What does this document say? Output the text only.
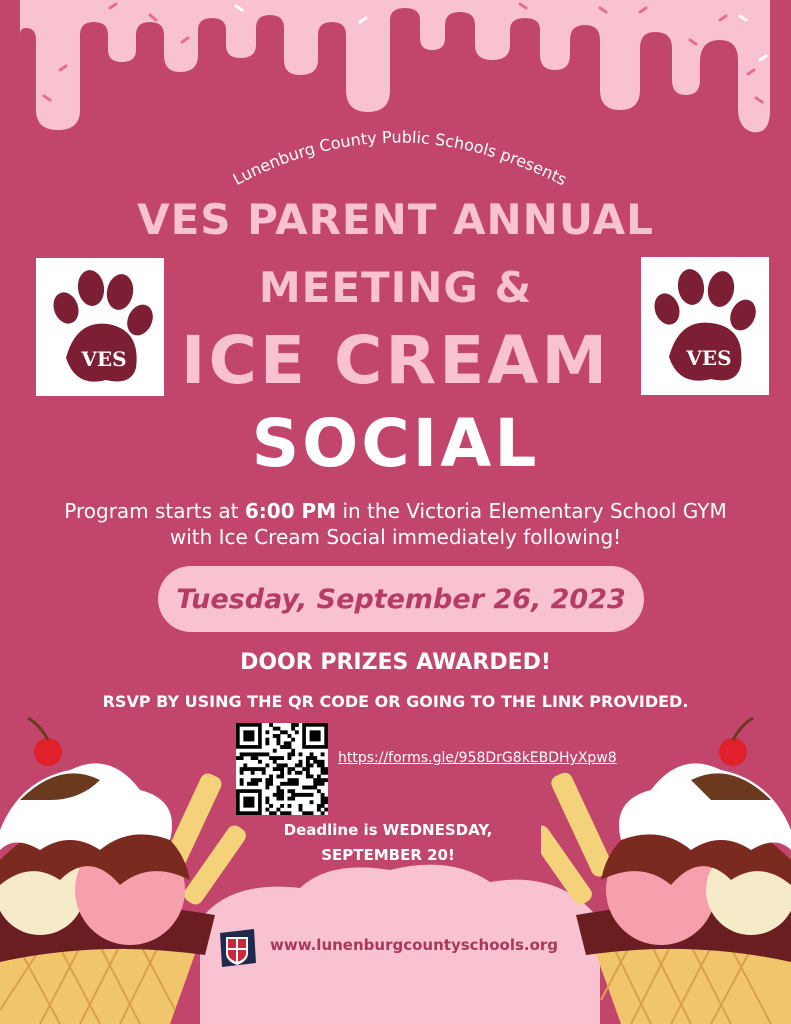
Lunenburg County Public Schools presents
VES PARENT ANNUAL
MEETING &
ICE CREAM
SOCIAL
VES	VES
Program starts at 6:00 PM in the Victoria Elementary School GYM
with Ice Cream Social immediately following!
Tuesday, September 26, 2023
DOOR PRIZES AWARDED!
RSVP BY USING THE QR CODE OR GOING TO THE LINK PROVIDED.
https://forms.gle/958DrG8kEBDHyXpw8
Deadline is WEDNESDAY,
SEPTEMBER 20!
www.lunenburgcountyschools.org
